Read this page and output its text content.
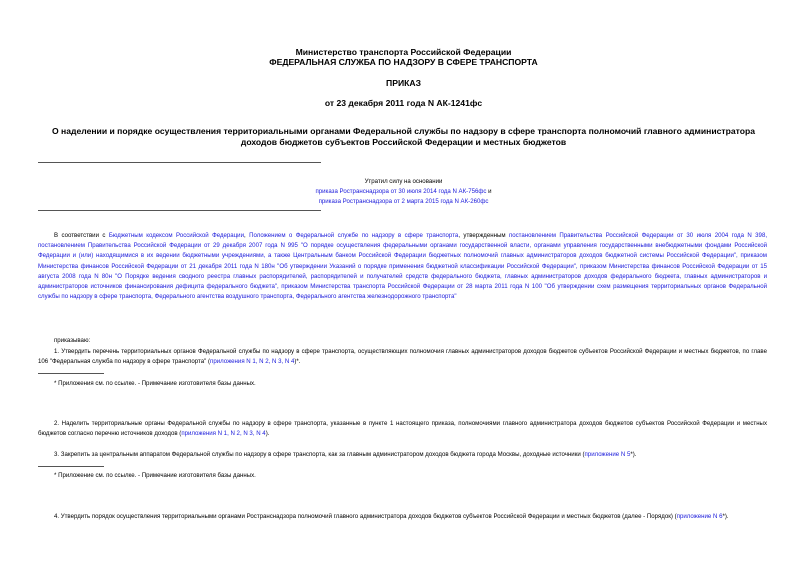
Министерство транспорта Российской Федерации
ФЕДЕРАЛЬНАЯ СЛУЖБА ПО НАДЗОРУ В СФЕРЕ ТРАНСПОРТА
ПРИКАЗ
от 23 декабря 2011 года N АК-1241фс
О наделении и порядке осуществления территориальными органами Федеральной службы по надзору в сфере транспорта полномочий главного администратора доходов бюджетов субъектов Российской Федерации и местных бюджетов
Утратил силу на основании
приказа Ространснадзора от 30 июля 2014 года N АК-756фс и
приказа Ространснадзора от 2 марта 2015 года N АК-260фс
В соответствии с Бюджетным кодексом Российской Федерации, Положением о Федеральной службе по надзору в сфере транспорта, утвержденным постановлением Правительства Российской Федерации от 30 июля 2004 года N 398, постановлением Правительства Российской Федерации от 29 декабря 2007 года N 995 "О порядке осуществления федеральными органами государственной власти, органами управления государственными внебюджетными фондами Российской Федерации и (или) находящимися в их ведении бюджетными учреждениями, а также Центральным банком Российской Федерации бюджетных полномочий главных администраторов доходов бюджетной системы Российской Федерации", приказом Министерства финансов Российской Федерации от 21 декабря 2011 года N 180н "Об утверждении Указаний о порядке применения бюджетной классификации Российской Федерации", приказом Министерства финансов Российской Федерации от 15 августа 2008 года N 80н "О Порядке ведения сводного реестра главных распорядителей, распорядителей и получателей средств федерального бюджета, главных администраторов доходов федерального бюджета, главных администраторов и администраторов источников финансирования дефицита федерального бюджета", приказом Министерства транспорта Российской Федерации от 28 марта 2011 года N 100 "Об утверждении схем размещения территориальных органов Федеральной службы по надзору в сфере транспорта, Федерального агентства воздушного транспорта, Федерального агентства железнодорожного транспорта"
приказываю:
1. Утвердить перечень территориальных органов Федеральной службы по надзору в сфере транспорта, осуществляющих полномочия главных администраторов доходов бюджетов субъектов Российской Федерации и местных бюджетов, по главе 106 "Федеральная служба по надзору в сфере транспорта" (приложения N 1, N 2, N 3, N 4)*.
* Приложения см. по ссылке. - Примечание изготовителя базы данных.
2. Наделить территориальные органы Федеральной службы по надзору в сфере транспорта, указанные в пункте 1 настоящего приказа, полномочиями главного администратора доходов бюджетов субъектов Российской Федерации и местных бюджетов согласно перечню источников доходов (приложения N 1, N 2, N 3, N 4).
3. Закрепить за центральным аппаратом Федеральной службы по надзору в сфере транспорта, как за главным администратором доходов бюджета города Москвы, доходные источники (приложение N 5*).
* Приложение см. по ссылке. - Примечание изготовителя базы данных.
4. Утвердить порядок осуществления территориальными органами Ространснадзора полномочий главного администратора доходов бюджетов субъектов Российской Федерации и местных бюджетов (далее - Порядок) (приложение N 6*).
